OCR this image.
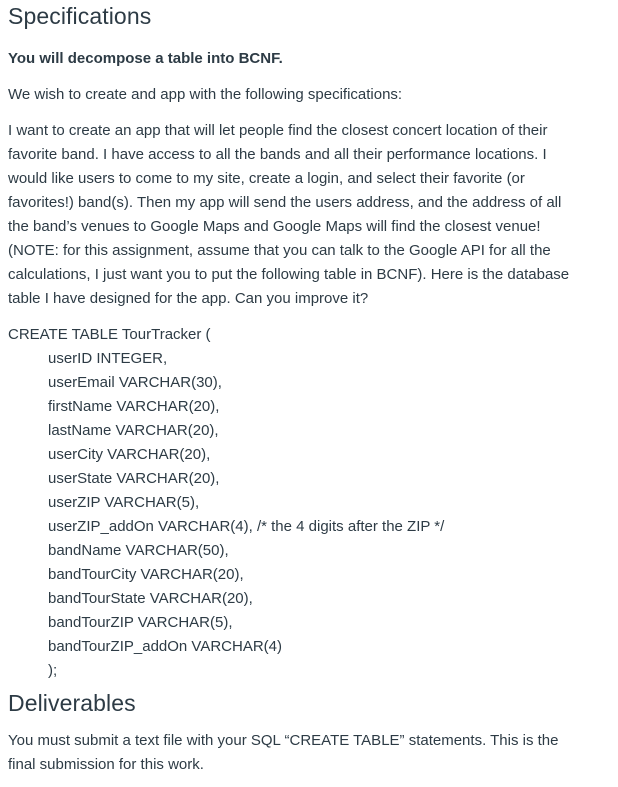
Specifications

You will decompose a table into BCNF.

We wish to create and app with the following specifications:

I want to create an app that will let people find the closest concert location of their
favorite band. I have access to all the bands and all their performance locations. I
would like users to come to my site, create a login, and select their favorite (or
favorites!) band(s). Then my app will send the users address, and the address of all
the band’s venues to Google Maps and Google Maps will find the closest venue!
(NOTE: for this assignment, assume that you can talk to the Google API for all the
calculations, I just want you to put the following table in BCNF). Here is the database
table I have designed for the app. Can you improve it?

CREATE TABLE TourTracker (
userID INTEGER,
userEmail VARCHAR(30),
firstName VARCHAR(20),
lastName VARCHAR(20),
userCity VARCHAR(20),
userState VARCHAR(20),
userZIP VARCHAR(5),
userZIP_addOn VARCHAR(4), /* the 4 digits after the ZIP */
bandName VARCHAR(50),
bandTourCity VARCHAR(20),
bandTourState VARCHAR(20),
bandTourZIP VARCHAR(5),
bandTourZIP_addOn VARCHAR(4)
);
Deliverables

You must submit a text file with your SQL “CREATE TABLE” statements. This is the
final submission for this work.
